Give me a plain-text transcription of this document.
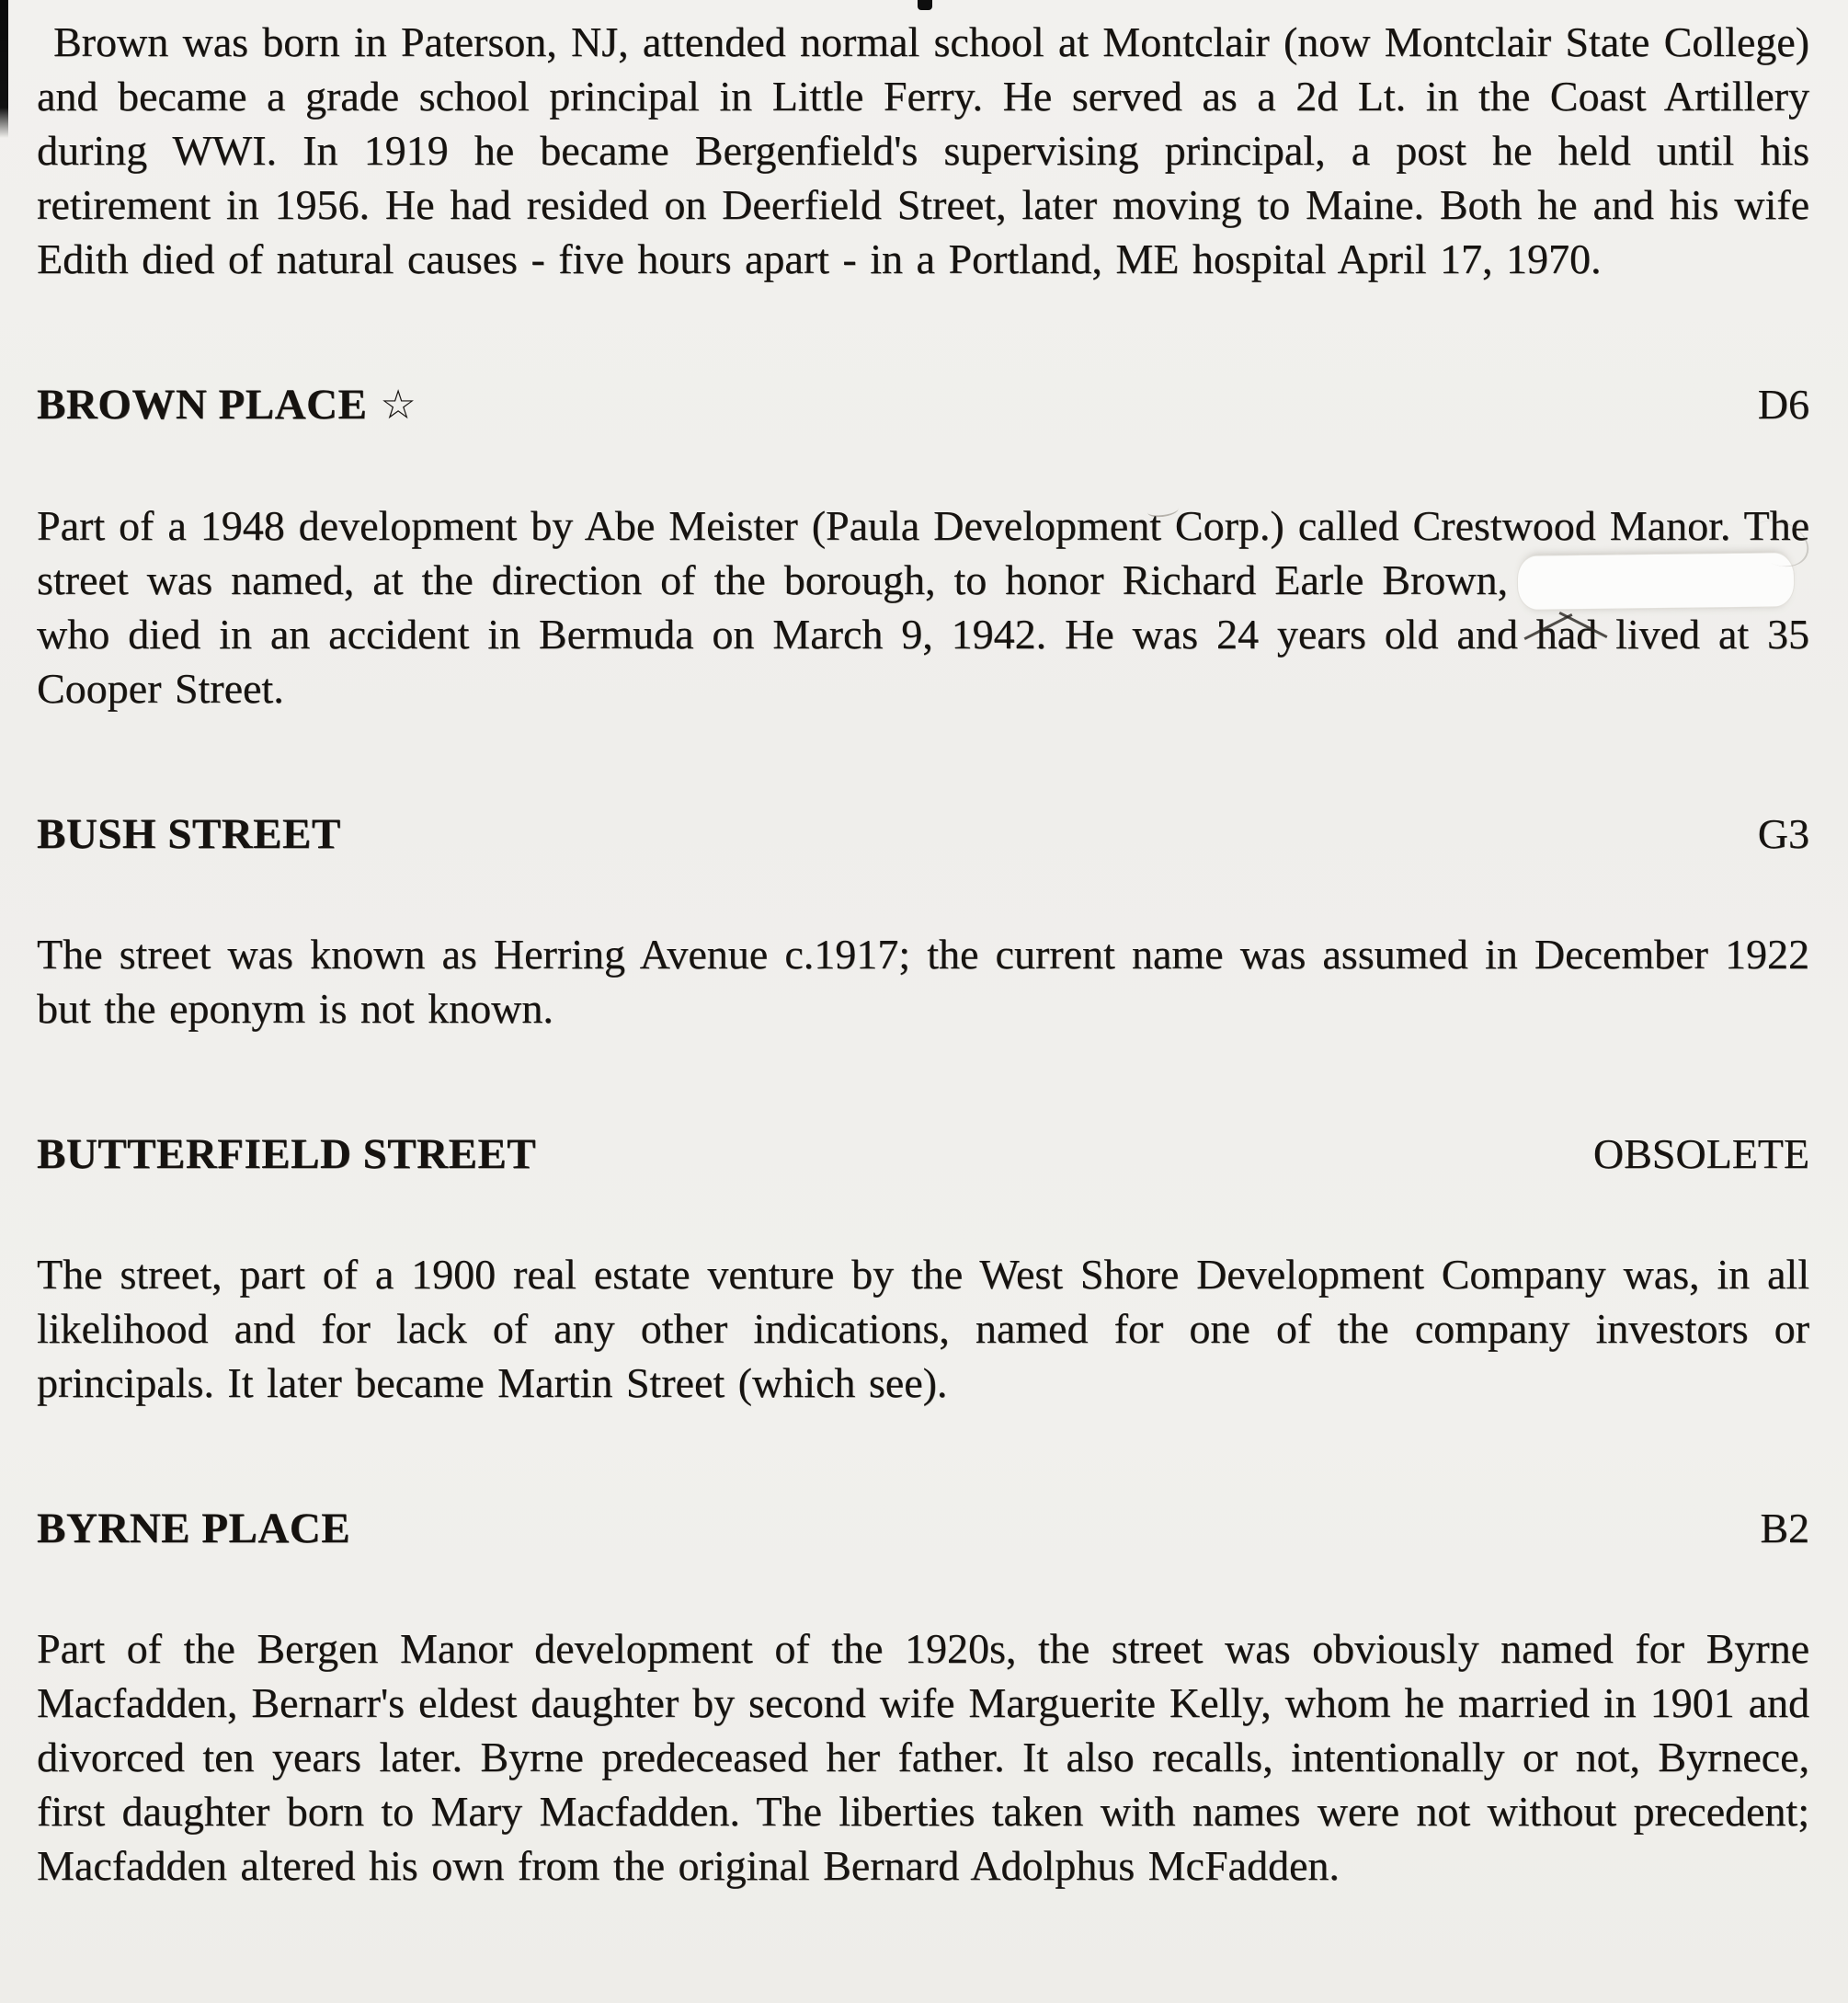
Brown was born in Paterson, NJ, attended normal school at Montclair (now Montclair State College) and became a grade school principal in Little Ferry. He served as a 2d Lt. in the Coast Artillery during WWI. In 1919 he became Bergenfield's supervising principal, a post he held until his retirement in 1956. He had resided on Deerfield Street, later moving to Maine. Both he and his wife Edith died of natural causes - five hours apart - in a Portland, ME hospital April 17, 1970.

BROWN PLACE ☆	D6

Part of a 1948 development by Abe Meister (Paula Development Corp.) called Crestwood Manor. The street was named, at the direction of the borough, to honor Richard Earle Brown,who died in an accident in Bermuda on March 9, 1942. He was 24 years old and had lived at 35 Cooper Street.

BUSH STREET	G3

The street was known as Herring Avenue c.1917; the current name was assumed in December 1922 but the eponym is not known.

BUTTERFIELD STREET	OBSOLETE

The street, part of a 1900 real estate venture by the West Shore Development Company was, in all likelihood and for lack of any other indications, named for one of the company investors or principals. It later became Martin Street (which see).

BYRNE PLACE	B2

Part of the Bergen Manor development of the 1920s, the street was obviously named for Byrne Macfadden, Bernarr's eldest daughter by second wife Marguerite Kelly, whom he married in 1901 and divorced ten years later. Byrne predeceased her father. It also recalls, intentionally or not, Byrnece, first daughter born to Mary Macfadden. The liberties taken with names were not without precedent; Macfadden altered his own from the original Bernard Adolphus McFadden.
